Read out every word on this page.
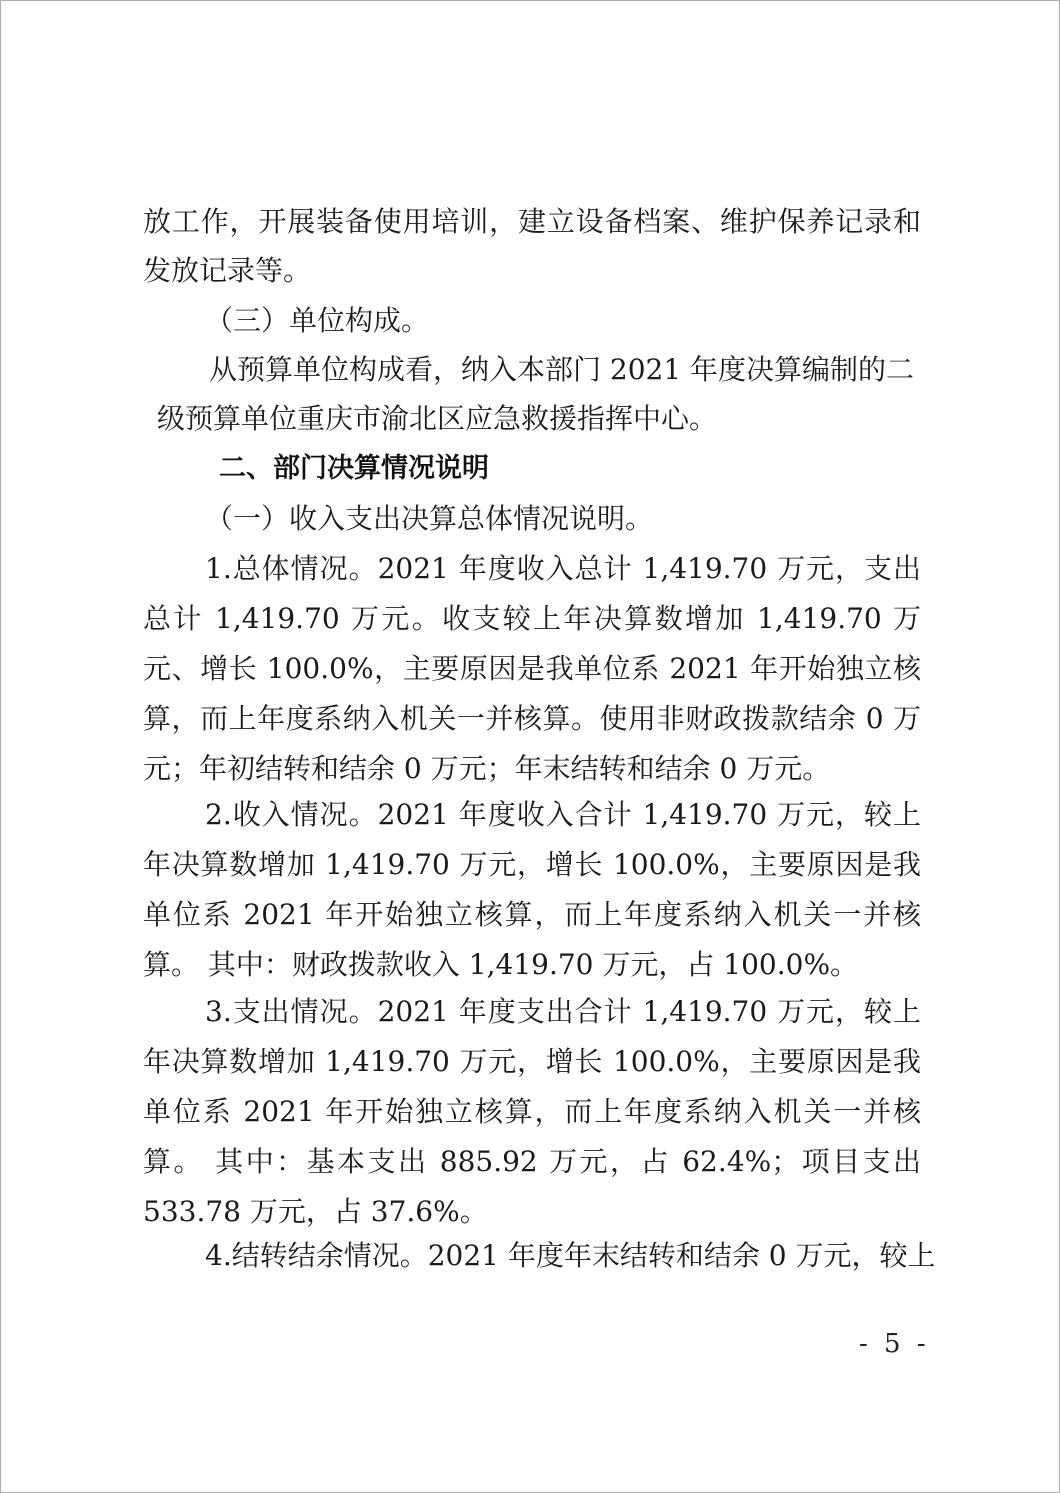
放工作，开展装备使用培训，建立设备档案、维护保养记录和发放记录等。

（三）单位构成。

从预算单位构成看，纳入本部门 2021 年度决算编制的二

级预算单位重庆市渝北区应急救援指挥中心。

二、部门决算情况说明

（一）收入支出决算总体情况说明。

1.总体情况。2021 年度收入总计 1,419.70 万元，支出总计 1,419.70 万元。收支较上年决算数增加 1,419.70 万元、增长 100.0%，主要原因是我单位系 2021 年开始独立核算，而上年度系纳入机关一并核算。使用非财政拨款结余 0 万元；年初结转和结余 0 万元；年末结转和结余 0 万元。

2.收入情况。2021 年度收入合计 1,419.70 万元，较上年决算数增加 1,419.70 万元，增长 100.0%，主要原因是我单位系 2021 年开始独立核算，而上年度系纳入机关一并核算。 其中：财政拨款收入 1,419.70 万元，占 100.0%。

3.支出情况。2021 年度支出合计 1,419.70 万元，较上年决算数增加 1,419.70 万元，增长 100.0%，主要原因是我单位系 2021 年开始独立核算，而上年度系纳入机关一并核算。 其中：基本支出 885.92 万元，占 62.4%；项目支出 533.78 万元，占 37.6%。

4.结转结余情况。2021 年度年末结转和结余 0 万元，较上

- 5 -
